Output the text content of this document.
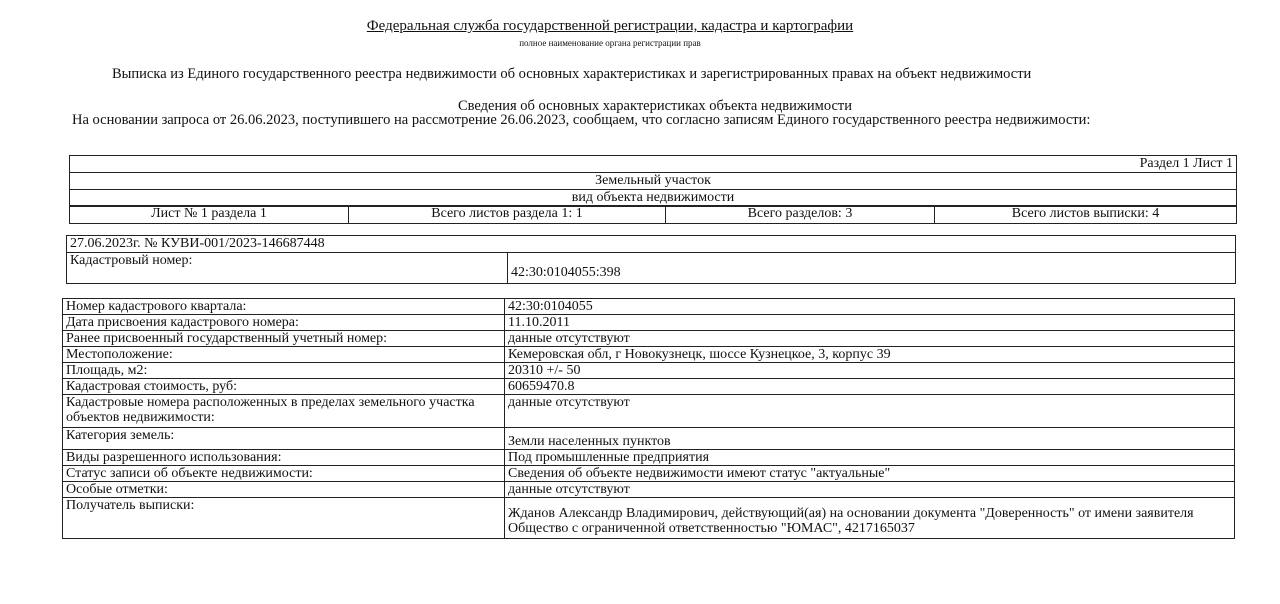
Федеральная служба государственной регистрации, кадастра и картографии
полное наименование органа регистрации прав
Выписка из Единого государственного реестра недвижимости об основных характеристиках и зарегистрированных правах на объект недвижимости
Сведения об основных характеристиках объекта недвижимости
На основании запроса от 26.06.2023, поступившего на рассмотрение 26.06.2023, сообщаем, что согласно записям Единого государственного реестра недвижимости:
Раздел 1 Лист 1
Земельный участок
вид объекта недвижимости
Лист № 1 раздела 1	Всего листов раздела 1: 1	Всего разделов: 3	Всего листов выписки: 4
27.06.2023г. № КУВИ-001/2023-146687448
Кадастровый номер:	42:30:0104055:398
Номер кадастрового квартала:	42:30:0104055
Дата присвоения кадастрового номера:	11.10.2011
Ранее присвоенный государственный учетный номер:	данные отсутствуют
Местоположение:	Кемеровская обл, г Новокузнецк, шоссе Кузнецкое, 3, корпус 39
Площадь, м2:	20310 +/- 50
Кадастровая стоимость, руб:	60659470.8
Кадастровые номера расположенных в пределах земельного участка объектов недвижимости:	данные отсутствуют
Категория земель:	Земли населенных пунктов
Виды разрешенного использования:	Под промышленные предприятия
Статус записи об объекте недвижимости:	Сведения об объекте недвижимости имеют статус "актуальные"
Особые отметки:	данные отсутствуют
Получатель выписки:	Жданов Александр Владимирович, действующий(ая) на основании документа "Доверенность" от имени заявителя Общество с ограниченной ответственностью "ЮМАС", 4217165037
